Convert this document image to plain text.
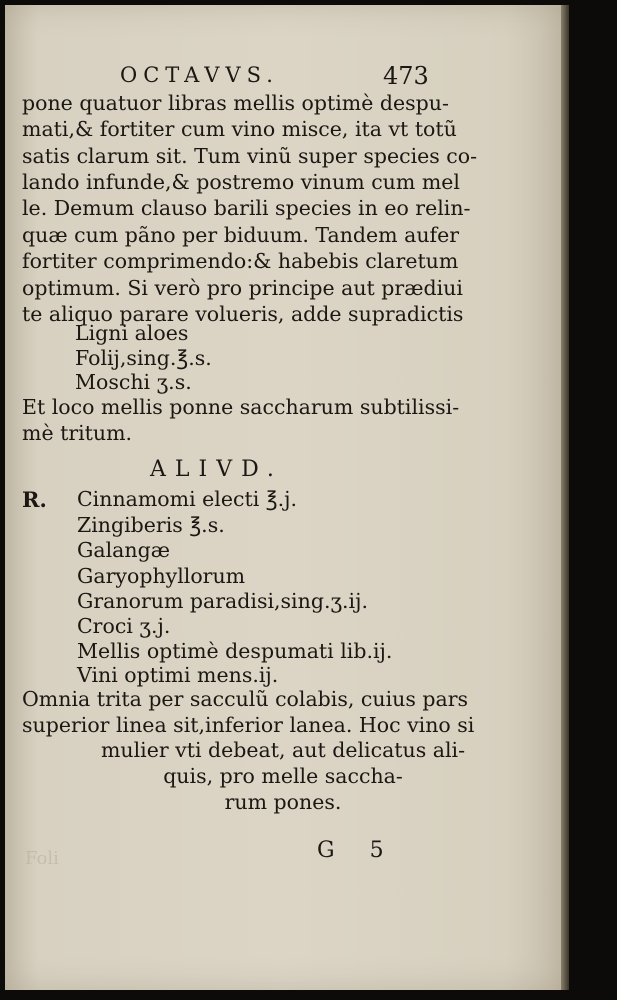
OCTAVVS.	473
pone quatuor libras mellis optimè despu-
mati,& fortiter cum vino misce, ita vt totũ
satis clarum sit. Tum vinũ super species co-
lando infunde,& postremo vinum cum mel
le. Demum clauso barili species in eo relin-
quæ cum pãno per biduum. Tandem aufer
fortiter comprimendo:& habebis claretum
optimum. Si verò pro principe aut prædiui
te aliquo parare volueris, adde supradictis
Ligni aloes
Folij,sing.℥.s.
Moschi ʒ.s.
Et loco mellis ponne saccharum subtilissi-
mè tritum.
ALIVD.
R. Cinnamomi electi ℥.j.
Zingiberis ℥.s.
Galangæ
Garyophyllorum
Granorum paradisi,sing.ʒ.ij.
Croci ʒ.j.
Mellis optimè despumati lib.ij.
Vini optimi mens.ij.
Omnia trita per sacculũ colabis, cuius pars
superior linea sit,inferior lanea. Hoc vino si
mulier vti debeat, aut delicatus ali-
quis, pro melle saccha-
rum pones.
G 5
Foli
